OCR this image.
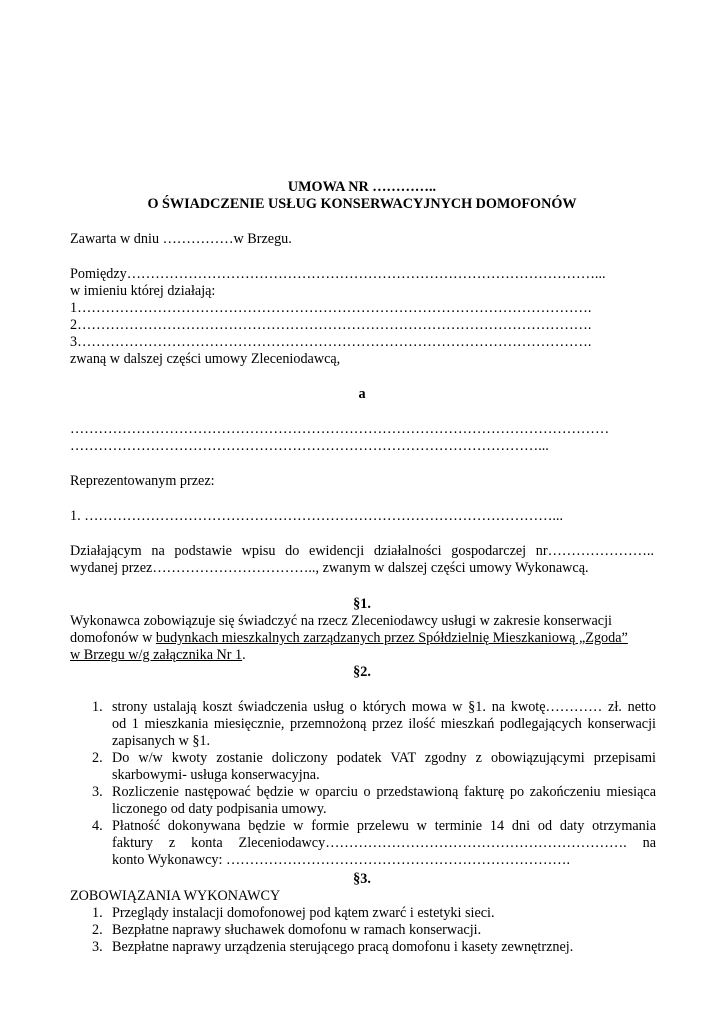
UMOWA NR …………..
O ŚWIADCZENIE USŁUG KONSERWACYJNYCH DOMOFONÓW
Zawarta w dniu ……………w Brzegu.
Pomiędzy………………………………………………………………………………………...
w imieniu której działają:
1……………………………………………………………………………………………….
2……………………………………………………………………………………………….
3……………………………………………………………………………………………….
zwaną w dalszej części umowy Zleceniodawcą,
a
……………………………………………………………………………………………………
………………………………………………………………………………………...
Reprezentowanym przez:
1. ………………………………………………………………………………………...
Działającym na podstawie wpisu do ewidencji działalności gospodarczej nr…………………..
wydanej przez…………………………….., zwanym w dalszej części umowy Wykonawcą.
§1.
Wykonawca zobowiązuje się świadczyć na rzecz Zleceniodawcy usługi w zakresie konserwacji
domofonów w budynkach mieszkalnych zarządzanych przez Spółdzielnię Mieszkaniową „Zgoda”
w Brzegu w/g załącznika Nr 1.
§2.
1. strony ustalają koszt świadczenia usług o których mowa w §1. na kwotę………… zł. netto
od 1 mieszkania miesięcznie, przemnożoną przez ilość mieszkań podlegających konserwacji
zapisanych w §1.
2. Do w/w kwoty zostanie doliczony podatek VAT zgodny z obowiązującymi przepisami
skarbowymi- usługa konserwacyjna.
3. Rozliczenie następować będzie w oparciu o przedstawioną fakturę po zakończeniu miesiąca
liczonego od daty podpisania umowy.
4. Płatność dokonywana będzie w formie przelewu w terminie 14 dni od daty otrzymania
faktury z konta Zleceniodawcy………………………………………………………. na
konto Wykonawcy: ……………………………………………………………….
§3.
ZOBOWIĄZANIA WYKONAWCY
1. Przeglądy instalacji domofonowej pod kątem zwarć i estetyki sieci.
2. Bezpłatne naprawy słuchawek domofonu w ramach konserwacji.
3. Bezpłatne naprawy urządzenia sterującego pracą domofonu i kasety zewnętrznej.
